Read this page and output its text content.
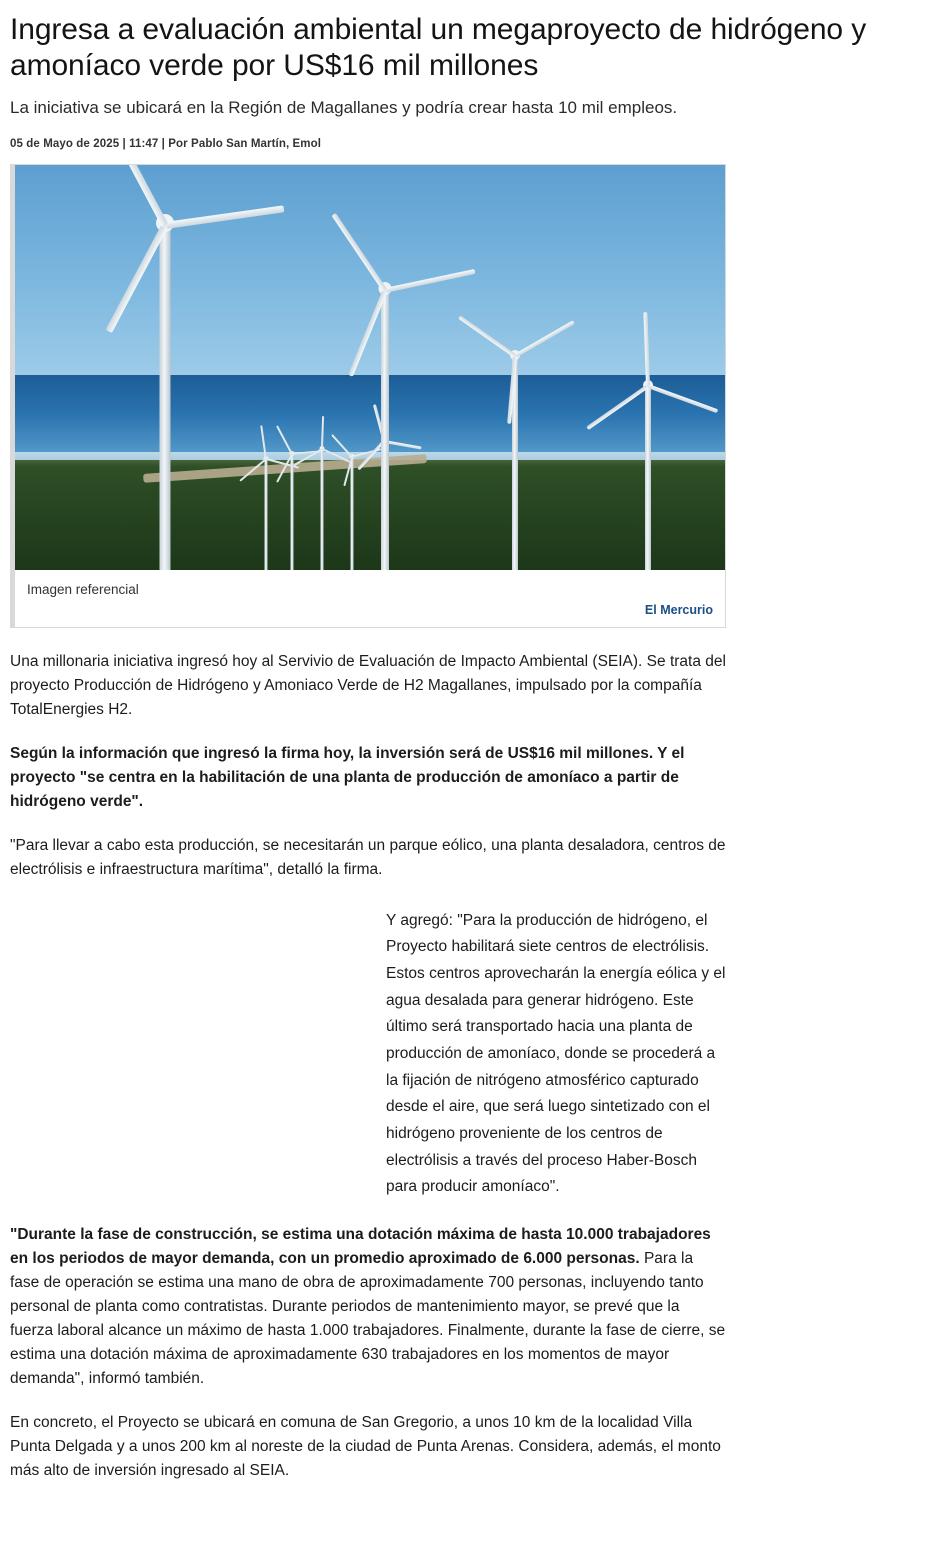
Ingresa a evaluación ambiental un megaproyecto de hidrógeno y amoníaco verde por US$16 mil millones
La iniciativa se ubicará en la Región de Magallanes y podría crear hasta 10 mil empleos.
05 de Mayo de 2025 | 11:47 | Por Pablo San Martín, Emol
Imagen referencial
El Mercurio

Una millonaria iniciativa ingresó hoy al Servivio de Evaluación de Impacto Ambiental (SEIA). Se trata del proyecto Producción de Hidrógeno y Amoniaco Verde de H2 Magallanes, impulsado por la compañía TotalEnergies H2.

Según la información que ingresó la firma hoy, la inversión será de US$16 mil millones. Y el proyecto "se centra en la habilitación de una planta de producción de amoníaco a partir de hidrógeno verde".

"Para llevar a cabo esta producción, se necesitarán un parque eólico, una planta desaladora, centros de electrólisis e infraestructura marítima", detalló la firma.

Y agregó: "Para la producción de hidrógeno, el Proyecto habilitará siete centros de electrólisis. Estos centros aprovecharán la energía eólica y el agua desalada para generar hidrógeno. Este último será transportado hacia una planta de producción de amoníaco, donde se procederá a la fijación de nitrógeno atmosférico capturado desde el aire, que será luego sintetizado con el hidrógeno proveniente de los centros de electrólisis a través del proceso Haber-Bosch para producir amoníaco".

"Durante la fase de construcción, se estima una dotación máxima de hasta 10.000 trabajadores en los periodos de mayor demanda, con un promedio aproximado de 6.000 personas. Para la fase de operación se estima una mano de obra de aproximadamente 700 personas, incluyendo tanto personal de planta como contratistas. Durante periodos de mantenimiento mayor, se prevé que la fuerza laboral alcance un máximo de hasta 1.000 trabajadores. Finalmente, durante la fase de cierre, se estima una dotación máxima de aproximadamente 630 trabajadores en los momentos de mayor demanda", informó también.

En concreto, el Proyecto se ubicará en comuna de San Gregorio, a unos 10 km de la localidad Villa Punta Delgada y a unos 200 km al noreste de la ciudad de Punta Arenas. Considera, además, el monto más alto de inversión ingresado al SEIA.
